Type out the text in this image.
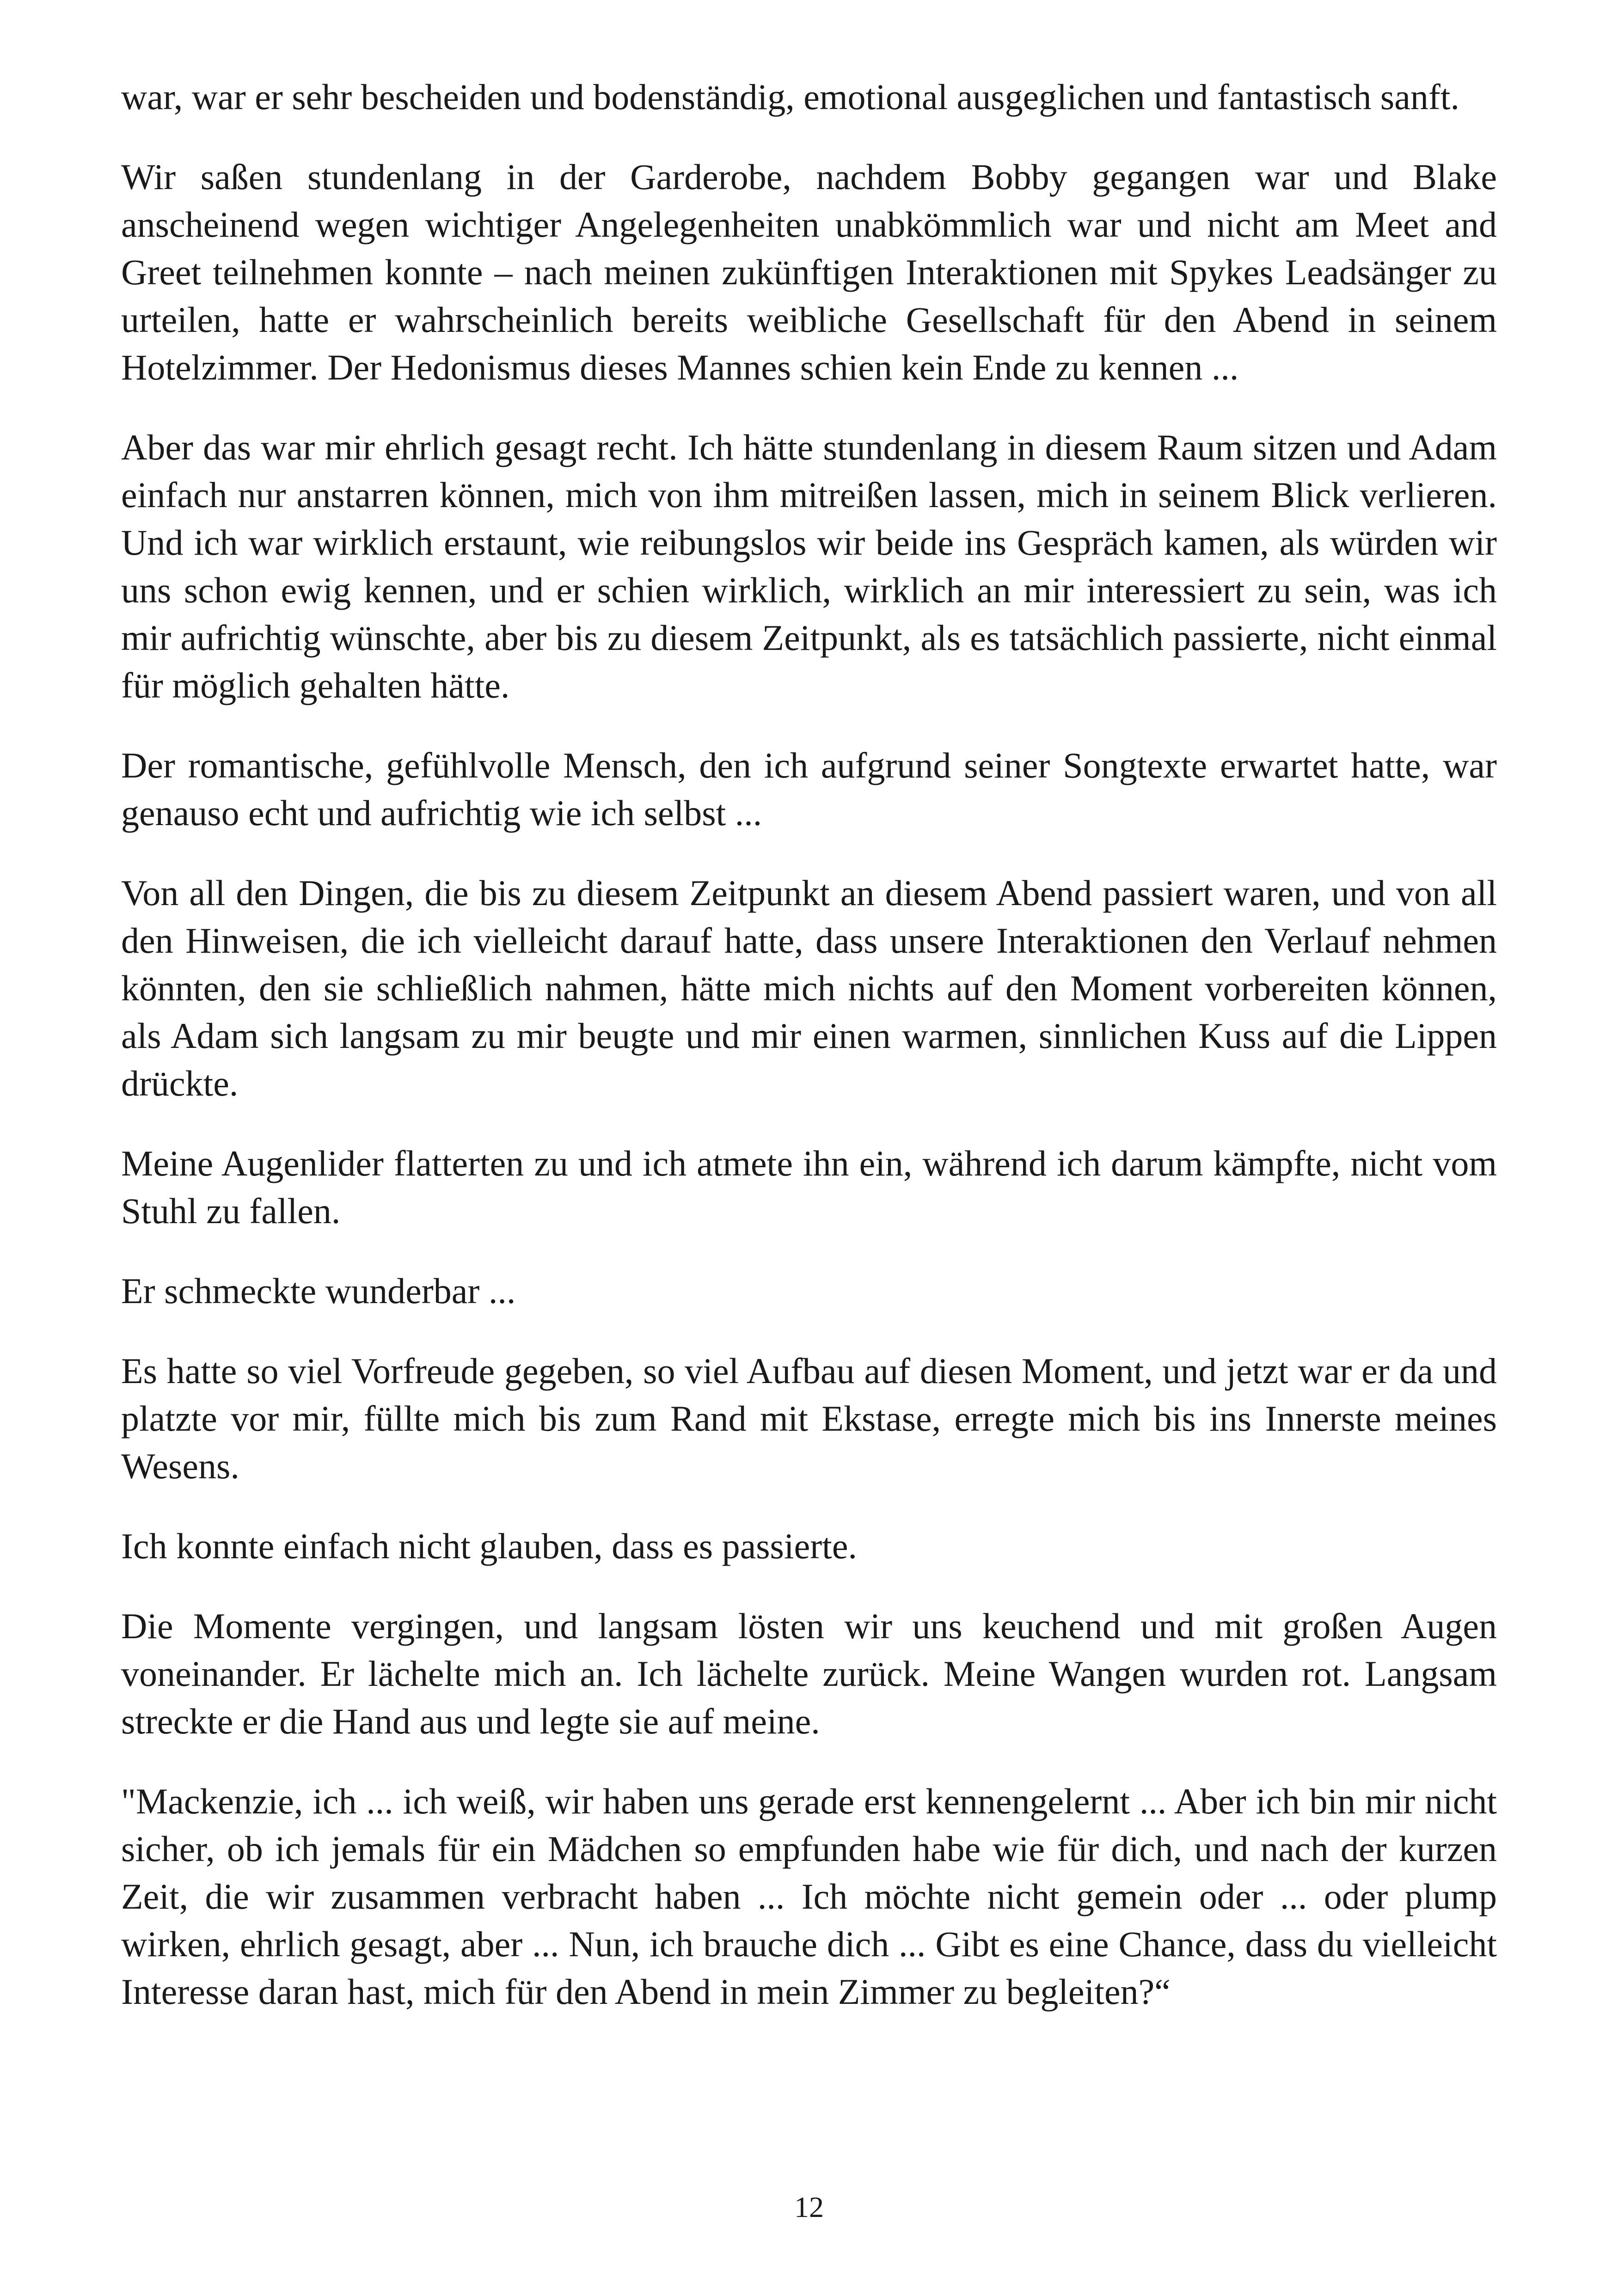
war, war er sehr bescheiden und bodenständig, emotional ausgeglichen und fantastisch sanft.

Wir saßen stundenlang in der Garderobe, nachdem Bobby gegangen war und Blake anscheinend wegen wichtiger Angelegenheiten unabkömmlich war und nicht am Meet and Greet teilnehmen konnte – nach meinen zukünftigen Interaktionen mit Spykes Leadsänger zu urteilen, hatte er wahrscheinlich bereits weibliche Gesellschaft für den Abend in seinem Hotelzimmer. Der Hedonismus dieses Mannes schien kein Ende zu kennen ...

Aber das war mir ehrlich gesagt recht. Ich hätte stundenlang in diesem Raum sitzen und Adam einfach nur anstarren können, mich von ihm mitreißen lassen, mich in seinem Blick verlieren. Und ich war wirklich erstaunt, wie reibungslos wir beide ins Gespräch kamen, als würden wir uns schon ewig kennen, und er schien wirklich, wirklich an mir interessiert zu sein, was ich mir aufrichtig wünschte, aber bis zu diesem Zeitpunkt, als es tatsächlich passierte, nicht einmal für möglich gehalten hätte.

Der romantische, gefühlvolle Mensch, den ich aufgrund seiner Songtexte erwartet hatte, war genauso echt und aufrichtig wie ich selbst ...

Von all den Dingen, die bis zu diesem Zeitpunkt an diesem Abend passiert waren, und von all den Hinweisen, die ich vielleicht darauf hatte, dass unsere Interaktionen den Verlauf nehmen könnten, den sie schließlich nahmen, hätte mich nichts auf den Moment vorbereiten können, als Adam sich langsam zu mir beugte und mir einen warmen, sinnlichen Kuss auf die Lippen drückte.

Meine Augenlider flatterten zu und ich atmete ihn ein, während ich darum kämpfte, nicht vom Stuhl zu fallen.

Er schmeckte wunderbar ...

Es hatte so viel Vorfreude gegeben, so viel Aufbau auf diesen Moment, und jetzt war er da und platzte vor mir, füllte mich bis zum Rand mit Ekstase, erregte mich bis ins Innerste meines Wesens.

Ich konnte einfach nicht glauben, dass es passierte.

Die Momente vergingen, und langsam lösten wir uns keuchend und mit großen Augen voneinander. Er lächelte mich an. Ich lächelte zurück. Meine Wangen wurden rot. Langsam streckte er die Hand aus und legte sie auf meine.

"Mackenzie, ich ... ich weiß, wir haben uns gerade erst kennengelernt ... Aber ich bin mir nicht sicher, ob ich jemals für ein Mädchen so empfunden habe wie für dich, und nach der kurzen Zeit, die wir zusammen verbracht haben ... Ich möchte nicht gemein oder ... oder plump wirken, ehrlich gesagt, aber ... Nun, ich brauche dich ... Gibt es eine Chance, dass du vielleicht Interesse daran hast, mich für den Abend in mein Zimmer zu begleiten?“

12
